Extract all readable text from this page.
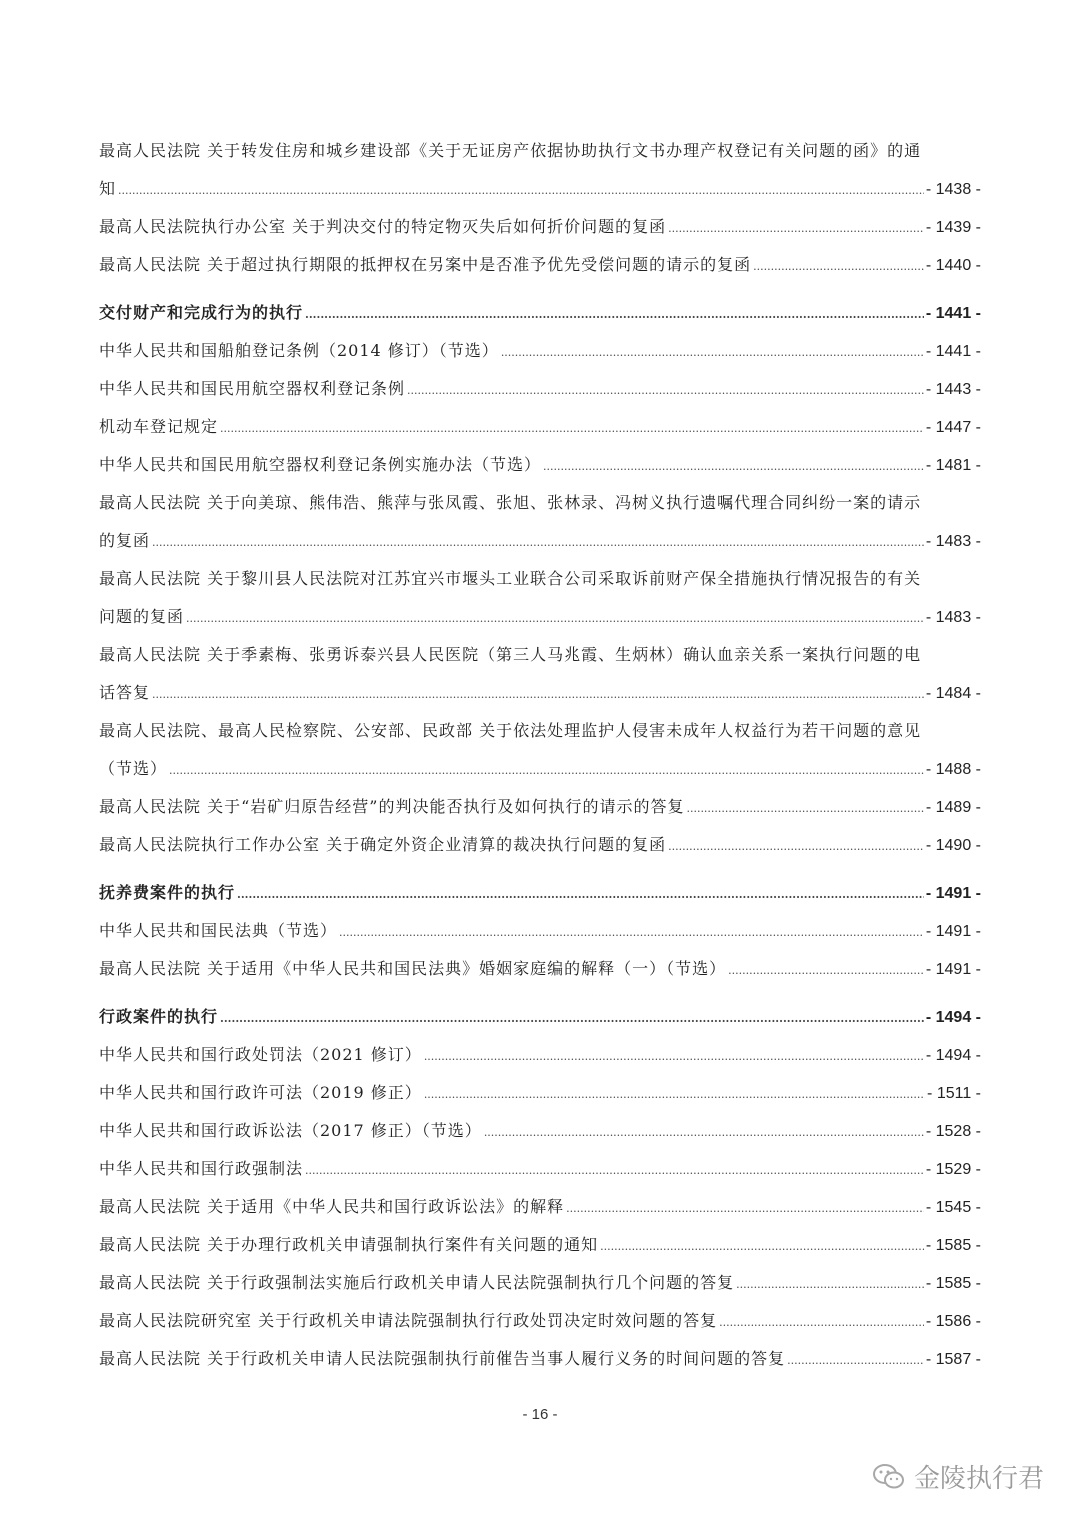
最高人民法院 关于转发住房和城乡建设部《关于无证房产依据协助执行文书办理产权登记有关问题的函》的通
知 .....	- 1438 -
最高人民法院执行办公室 关于判决交付的特定物灭失后如何折价问题的复函 .....	- 1439 -
最高人民法院 关于超过执行期限的抵押权在另案中是否准予优先受偿问题的请示的复函 .....	- 1440 -
交付财产和完成行为的执行 .....	- 1441 -
中华人民共和国船舶登记条例（2014 修订）（节选） .....	- 1441 -
中华人民共和国民用航空器权利登记条例 .....	- 1443 -
机动车登记规定 .....	- 1447 -
中华人民共和国民用航空器权利登记条例实施办法（节选） .....	- 1481 -
最高人民法院 关于向美琼、熊伟浩、熊萍与张凤霞、张旭、张林录、冯树义执行遗嘱代理合同纠纷一案的请示
的复函 .....	- 1483 -
最高人民法院 关于黎川县人民法院对江苏宜兴市堰头工业联合公司采取诉前财产保全措施执行情况报告的有关
问题的复函 .....	- 1483 -
最高人民法院 关于季素梅、张勇诉泰兴县人民医院（第三人马兆霞、生炳林）确认血亲关系一案执行问题的电
话答复 .....	- 1484 -
最高人民法院、最高人民检察院、公安部、民政部 关于依法处理监护人侵害未成年人权益行为若干问题的意见
（节选） .....	- 1488 -
最高人民法院 关于“岩矿归原告经营”的判决能否执行及如何执行的请示的答复 .....	- 1489 -
最高人民法院执行工作办公室 关于确定外资企业清算的裁决执行问题的复函 .....	- 1490 -
抚养费案件的执行 .....	- 1491 -
中华人民共和国民法典（节选） .....	- 1491 -
最高人民法院 关于适用《中华人民共和国民法典》婚姻家庭编的解释（一）（节选） .....	- 1491 -
行政案件的执行 .....	- 1494 -
中华人民共和国行政处罚法（2021 修订） .....	- 1494 -
中华人民共和国行政许可法（2019 修正） .....	- 1511 -
中华人民共和国行政诉讼法（2017 修正）（节选） .....	- 1528 -
中华人民共和国行政强制法 .....	- 1529 -
最高人民法院 关于适用《中华人民共和国行政诉讼法》的解释 .....	- 1545 -
最高人民法院 关于办理行政机关申请强制执行案件有关问题的通知 .....	- 1585 -
最高人民法院 关于行政强制法实施后行政机关申请人民法院强制执行几个问题的答复 .....	- 1585 -
最高人民法院研究室 关于行政机关申请法院强制执行行政处罚决定时效问题的答复 .....	- 1586 -
最高人民法院 关于行政机关申请人民法院强制执行前催告当事人履行义务的时间问题的答复 .....	- 1587 -
- 16 -
金陵执行君
